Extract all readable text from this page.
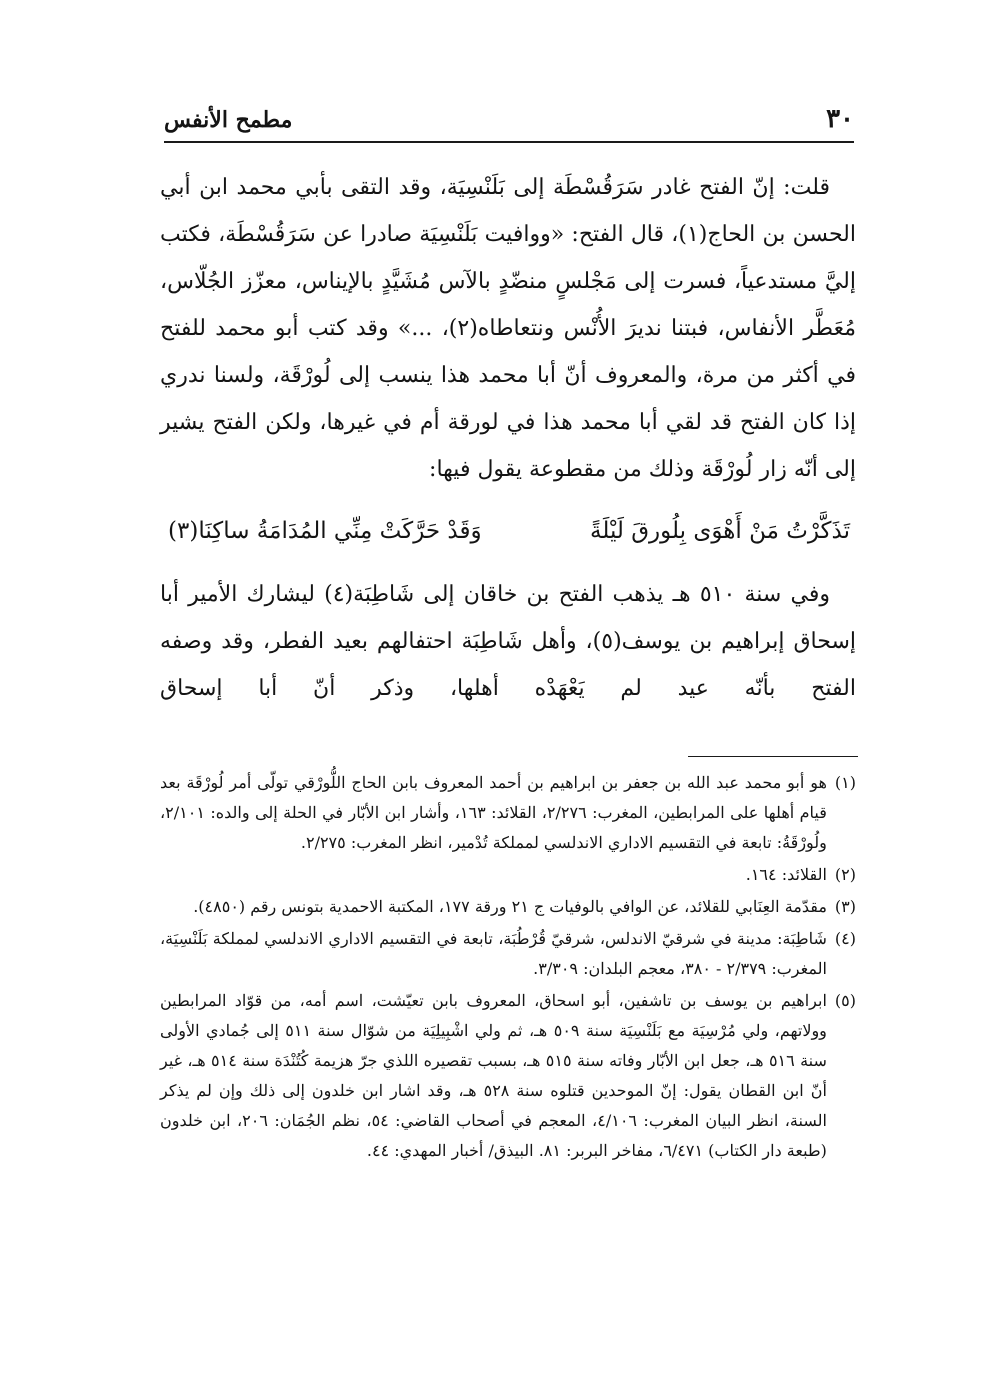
٣٠
مطمح الأنفس

قلت: إنّ الفتح غادر سَرَقُسْطَة إلى بَلَنْسِيَة، وقد التقى بأبي محمد ابن أبي الحسن بن الحاج(١)، قال الفتح: «ووافيت بَلَنْسِيَة صادرا عن سَرَقُسْطَة، فكتب إليَّ مستدعياً، فسرت إلى مَجْلسٍ منضّدٍ بالآس مُشَيَّدٍ بالإيناس، معزّز الجُلّاس، مُعَطَّر الأنفاس، فبتنا نديرَ الأُنْس ونتعاطاه(٢)، ...» وقد كتب أبو محمد للفتح في أكثر من مرة، والمعروف أنّ أبا محمد هذا ينسب إلى لُورْقَة، ولسنا ندري إذا كان الفتح قد لقي أبا محمد هذا في لورقة أم في غيرها، ولكن الفتح يشير إلى أنّه زار لُورْقَة وذلك من مقطوعة يقول فيها:

تَذَكَّرْتُ مَنْ أَهْوَى بِلُورقَ لَيْلَةً
وَقَدْ حَرَّكَتْ مِنِّي المُدَامَةُ ساكِنَا(٣)

وفي سنة ٥١٠ هـ يذهب الفتح بن خاقان إلى شَاطِبَة(٤) ليشارك الأمير أبا إسحاق إبراهيم بن يوسف(٥)، وأهل شَاطِبَة احتفالهم بعيد الفطر، وقد وصفه الفتح بأنّه عيد لم يَعْهَدْه أهلها، وذكر أنّ أبا إسحاق

(١)
هو أبو محمد عبد الله بن جعفر بن ابراهيم بن أحمد المعروف بابن الحاج اللُّورْقي تولّى أمر لُورْقَة بعد قيام أهلها على المرابطين، المغرب: ٢/٢٧٦، القلائد: ١٦٣، وأشار ابن الأبّار في الحلة إلى والده: ٢/١٠١، ولُورْقَةُ: تابعة في التقسيم الاداري الاندلسي لمملكة تُدْمير، انظر المغرب: ٢/٢٧٥.
(٢)
القلائد: ١٦٤.
(٣)
مقدّمة العِنَابي للقلائد، عن الوافي بالوفيات ج ٢١ ورقة ١٧٧، المكتبة الاحمدية بتونس رقم (٤٨٥٠).
(٤)
شَاطِبَة: مدينة في شرقيّ الاندلس، شرقيّ قُرْطُبَة، تابعة في التقسيم الاداري الاندلسي لمملكة بَلَنْسِيَة، المغرب: ٢/٣٧٩ - ٣٨٠، معجم البلدان: ٣/٣٠٩.
(٥)
ابراهيم بن يوسف بن تاشفين، أبو اسحاق، المعروف بابن تعيّشت، اسم أمه، من قوّاد المرابطين وولاتهم، ولي مُرْسِيَة مع بَلَنْسِيَة سنة ٥٠٩ هـ، ثم ولي اشْبِيلِيَة من شوّال سنة ٥١١ إلى جُمادي الأولى سنة ٥١٦ هـ، جعل ابن الأبّار وفاته سنة ٥١٥ هـ، بسبب تقصيره اللذي جرّ هزيمة كُتُنْدَة سنة ٥١٤ هـ، غير أنّ ابن القطان يقول: إنّ الموحدين قتلوه سنة ٥٢٨ هـ، وقد اشار ابن خلدون إلى ذلك وإن لم يذكر السنة، انظر البيان المغرب: ٤/١٠٦، المعجم في أصحاب القاضي: ٥٤، نظم الجُمَان: ٢٠٦، ابن خلدون (طبعة دار الكتاب) ٦/٤٧١، مفاخر البربر: ٨١. البيذق/ أخبار المهدي: ٤٤.
